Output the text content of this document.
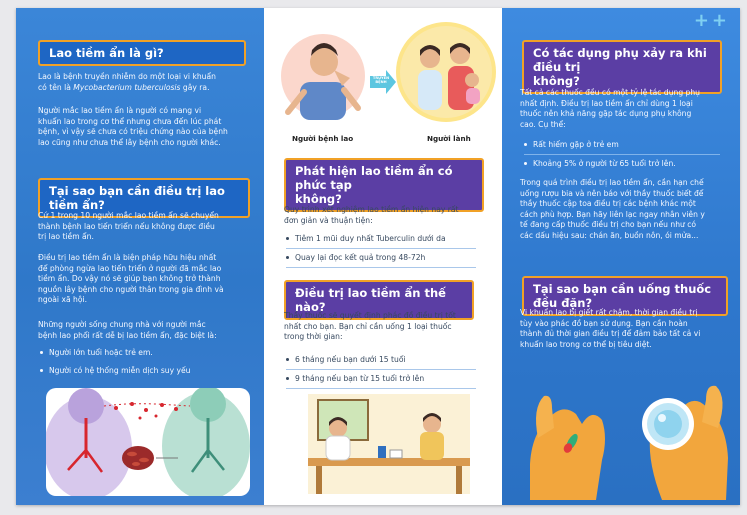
Lao tiềm ẩn là gì?
Lao là bệnh truyền nhiễm do một loại vi khuẩn
có tên là Mycobacterium tuberculosis gây ra.
Người mắc lao tiềm ẩn là người có mang vi
khuẩn lao trong cơ thể nhưng chưa đến lúc phát
bệnh, vì vậy sẽ chưa có triệu chứng nào của bệnh
lao cũng như chưa thể lây bệnh cho người khác.
Tại sao bạn cần điều trị lao tiềm ẩn?
Cứ 1 trong 10 người mắc lao tiềm ẩn sẽ chuyển
thành bệnh lao tiến triển nếu không được điều
trị lao tiềm ẩn.
Điều trị lao tiềm ẩn là biện pháp hữu hiệu nhất
để phòng ngừa lao tiến triển ở người đã mắc lao
tiềm ẩn. Do vậy nó sẽ giúp bạn không trở thành
nguồn lây bệnh cho người thân trong gia đình và
ngoài xã hội.
Những người sống chung nhà với người mắc
bệnh lao phổi rất dễ bị lao tiềm ẩn, đặc biệt là:
Người lớn tuổi hoặc trẻ em.
Người có hệ thống miễn dịch suy yếu
Người bệnh lao
TRUYỀN BỆNH
Người lành
Phát hiện lao tiềm ẩn có phức tạp
không?
Quy trình xét nghiệm lao tiềm ẩn hiện nay rất
đơn giản và thuận tiện:
Tiêm 1 mũi duy nhất Tuberculin dưới da
Quay lại đọc kết quả trong 48-72h
Điều trị lao tiềm ẩn thế nào?
Thầy thuốc sẽ quyết định phác đồ điều trị tốt
nhất cho bạn. Bạn chỉ cần uống 1 loại thuốc
trong thời gian:
6 tháng nếu bạn dưới 15 tuổi
9 tháng nếu bạn từ 15 tuổi trở lên
++
Có tác dụng phụ xảy ra khi điều trị
không?
Tất cả các thuốc đều có một tỷ lệ tác dụng phụ
nhất định. Điều trị lao tiềm ẩn chỉ dùng 1 loại
thuốc nên khả năng gặp tác dụng phụ không
cao. Cụ thể:
Rất hiếm gặp ở trẻ em
Khoảng 5% ở người từ 65 tuổi trở lên.
Trong quá trình điều trị lao tiềm ẩn, cần hạn chế
uống rượu bia và nên báo với thầy thuốc biết để
thầy thuốc cập toa điều trị các bệnh khác một
cách phù hợp. Bạn hãy liên lạc ngay nhân viên y
tế đang cấp thuốc điều trị cho bạn nếu như có
các dấu hiệu sau: chán ăn, buồn nôn, ói mửa...
Tại sao bạn cần uống thuốc đều đặn?
Vi khuẩn lao bị giết rất chậm, thời gian điều trị
tùy vào phác đồ bạn sử dụng. Bạn cần hoàn
thành đủ thời gian điều trị để đảm bảo tất cả vi
khuẩn lao trong cơ thể bị tiêu diệt.
